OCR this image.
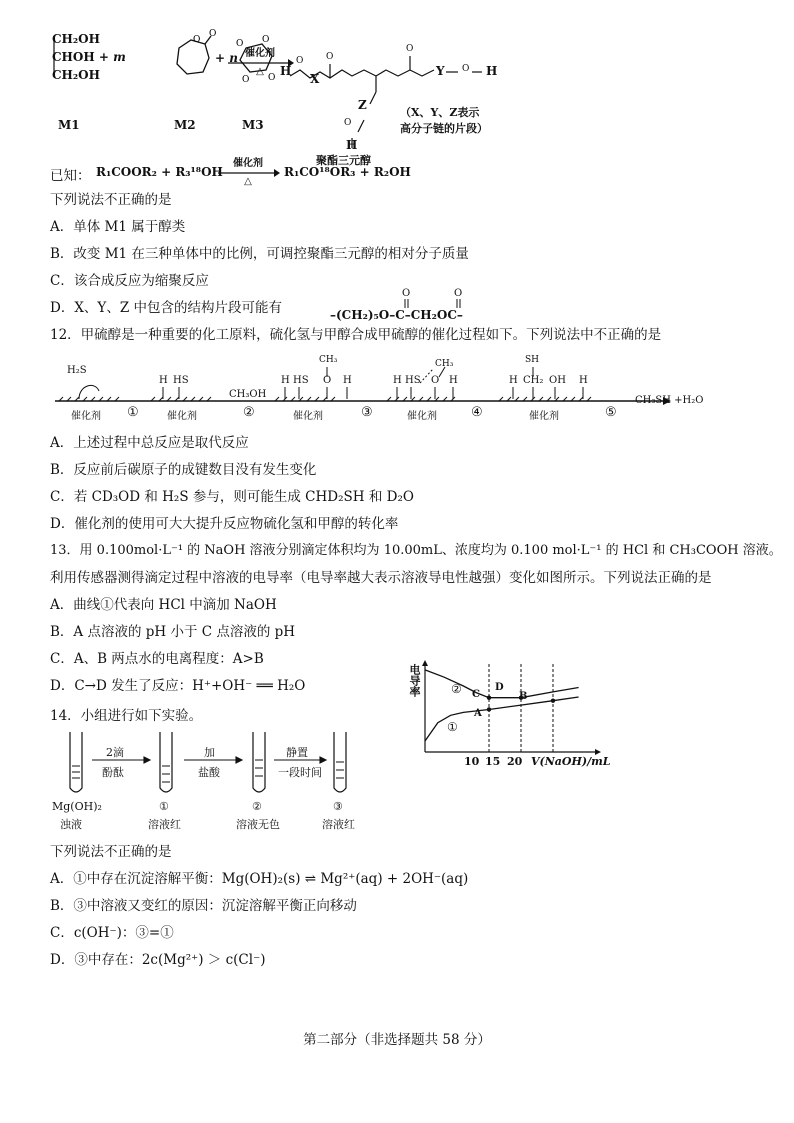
CH₂OH
CHOH + m
CH₂OH
O
O
+ n
O O
O
O
M1	M2	M3
催化剂
△	H
O
X
O
O
Y O H
Z
O
H
聚酯三元醇
（X、Y、Z表示
高分子链的片段）
已知： R₁COOR₂ + R₃¹⁸OH
催化剂
△
R₁CO¹⁸OR₃ + R₂OH
下列说法不正确的是
A．单体 M1 属于醇类
B．改变 M1 在三种单体中的比例，可调控聚酯三元醇的相对分子质量
C．该合成反应为缩聚反应
D．X、Y、Z 中包含的结构片段可能有
O	O
–(CH₂)₅O–C–CH₂OC–
12．甲硫醇是一种重要的化工原料，硫化氢与甲醇合成甲硫醇的催化过程如下。下列说法中不正确的是
H₂S
催化剂 ①
H HS
催化剂
CH₃OH
②
H HS
CH₃
O H
催化剂	③
H HS
CH₃
O H
催化剂	④
H
SH
CH₂ OH H
催化剂	⑤
CH₃SH +H₂O
A．上述过程中总反应是取代反应
B．反应前后碳原子的成键数目没有发生变化
C．若 CD₃OD 和 H₂S 参与，则可能生成 CHD₂SH 和 D₂O
D．催化剂的使用可大大提升反应物硫化氢和甲醇的转化率
13．用 0.100mol·L⁻¹ 的 NaOH 溶液分别滴定体积均为 10.00mL、浓度均为 0.100 mol·L⁻¹ 的 HCl 和 CH₃COOH 溶液。
利用传感器测得滴定过程中溶液的电导率（电导率越大表示溶液导电性越强）变化如图所示。下列说法正确的是
A．曲线①代表向 HCl 中滴加 NaOH
B．A 点溶液的 pH 小于 C 点溶液的 pH
C．A、B 两点水的电离程度：A>B
D．C→D 发生了反应：H⁺+OH⁻ ══ H₂O	电导率
V(NaOH)/mL
10 15 20
②
①
A
B
C
D
14．小组进行如下实验。
2滴
酚酞
加
盐酸
静置
一段时间
Mg(OH)₂
浊液
①
溶液红
②
溶液无色
③
溶液红
下列说法不正确的是
A．①中存在沉淀溶解平衡：Mg(OH)₂(s) ⇌ Mg²⁺(aq) + 2OH⁻(aq)
B．③中溶液又变红的原因：沉淀溶解平衡正向移动
C．c(OH⁻)：③=①
D．③中存在：2c(Mg²⁺) ＞ c(Cl⁻)
第二部分（非选择题共 58 分）
